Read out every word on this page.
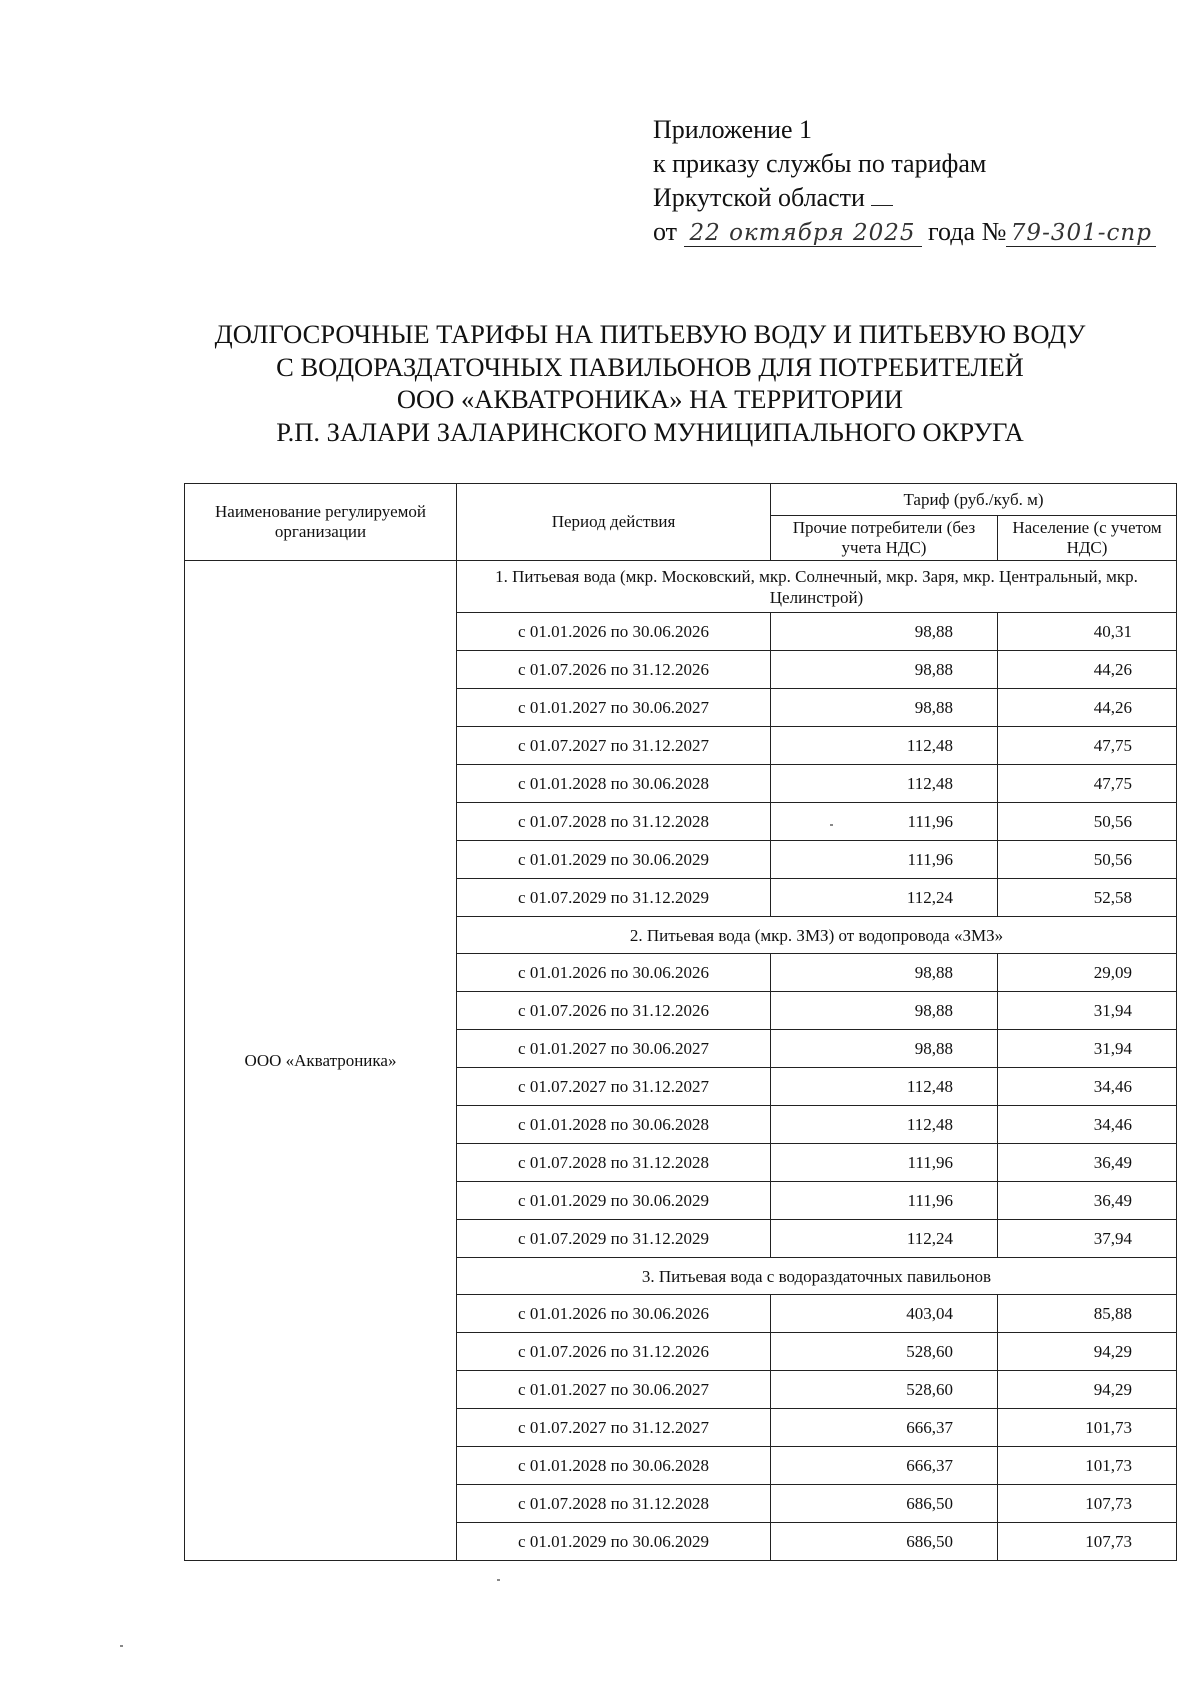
Приложение 1
к приказу службы по тарифам
Иркутской области
от 22 октября 2025 года № 79-301-спр
ДОЛГОСРОЧНЫЕ ТАРИФЫ НА ПИТЬЕВУЮ ВОДУ И ПИТЬЕВУЮ ВОДУ
С ВОДОРАЗДАТОЧНЫХ ПАВИЛЬОНОВ ДЛЯ ПОТРЕБИТЕЛЕЙ
ООО «АКВАТРОНИКА» НА ТЕРРИТОРИИ
Р.П. ЗАЛАРИ ЗАЛАРИНСКОГО МУНИЦИПАЛЬНОГО ОКРУГА
Наименование регулируемой организации	Период действия	Тариф (руб./куб. м)	
		Прочие потребители (без учета НДС)	Население (с учетом НДС)
ООО «Акватроника»	1. Питьевая вода (мкр. Московский, мкр. Солнечный, мкр. Заря, мкр. Центральный, мкр. Целинстрой)		
	с 01.01.2026 по 30.06.2026	98,88	40,31
	с 01.07.2026 по 31.12.2026	98,88	44,26
	с 01.01.2027 по 30.06.2027	98,88	44,26
	с 01.07.2027 по 31.12.2027	112,48	47,75
	с 01.01.2028 по 30.06.2028	112,48	47,75
	с 01.07.2028 по 31.12.2028	111,96	50,56
	с 01.01.2029 по 30.06.2029	111,96	50,56
	с 01.07.2029 по 31.12.2029	112,24	52,58
	2. Питьевая вода (мкр. ЗМЗ) от водопровода «ЗМЗ»		
	с 01.01.2026 по 30.06.2026	98,88	29,09
	с 01.07.2026 по 31.12.2026	98,88	31,94
	с 01.01.2027 по 30.06.2027	98,88	31,94
	с 01.07.2027 по 31.12.2027	112,48	34,46
	с 01.01.2028 по 30.06.2028	112,48	34,46
	с 01.07.2028 по 31.12.2028	111,96	36,49
	с 01.01.2029 по 30.06.2029	111,96	36,49
	с 01.07.2029 по 31.12.2029	112,24	37,94
	3. Питьевая вода с водораздаточных павильонов		
	с 01.01.2026 по 30.06.2026	403,04	85,88
	с 01.07.2026 по 31.12.2026	528,60	94,29
	с 01.01.2027 по 30.06.2027	528,60	94,29
	с 01.07.2027 по 31.12.2027	666,37	101,73
	с 01.01.2028 по 30.06.2028	666,37	101,73
	с 01.07.2028 по 31.12.2028	686,50	107,73
	с 01.01.2029 по 30.06.2029	686,50	107,73
